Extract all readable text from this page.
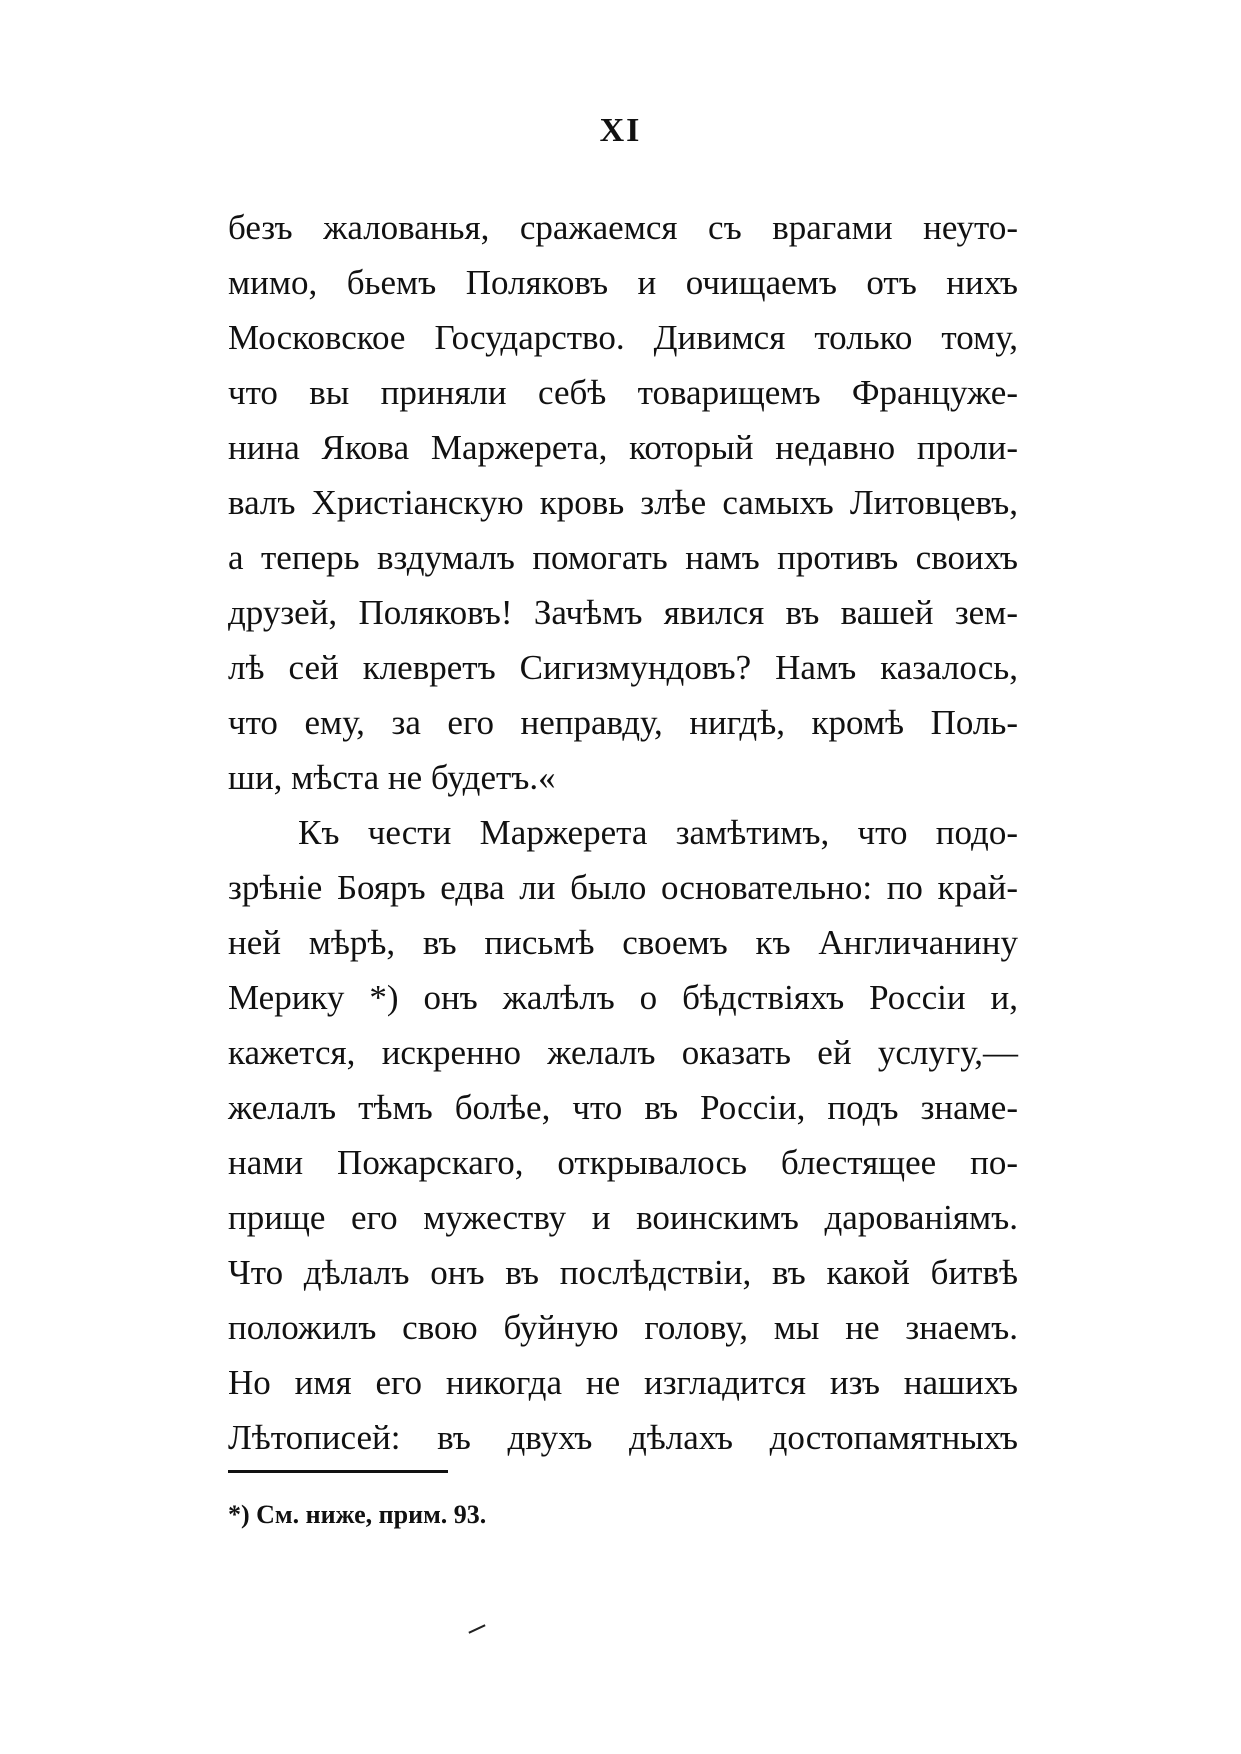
XI
безъ жалованья, сражаемся съ врагами неуто-
мимо, бьемъ Поляковъ и очищаемъ отъ нихъ
Московское Государство. Дивимся только тому,
что вы приняли себѣ товарищемъ Француже-
нина Якова Маржерета, который недавно проли-
валъ Христіанскую кровь злѣе самыхъ Литовцевъ,
а теперь вздумалъ помогать намъ противъ своихъ
друзей, Поляковъ! Зачѣмъ явился въ вашей зем-
лѣ сей клевретъ Сигизмундовъ? Намъ казалось,
что ему, за его неправду, нигдѣ, кромѣ Поль-
ши, мѣста не будетъ.«
Къ чести Маржерета замѣтимъ, что подо-
зрѣніе Бояръ едва ли было основательно: по край-
ней мѣрѣ, въ письмѣ своемъ къ Англичанину
Мерику *) онъ жалѣлъ о бѣдствіяхъ Россіи и,
кажется, искренно желалъ оказать ей услугу,—
желалъ тѣмъ болѣе, что въ Россіи, подъ знаме-
нами Пожарскаго, открывалось блестящее по-
прище его мужеству и воинскимъ дарованіямъ.
Что дѣлалъ онъ въ послѣдствіи, въ какой битвѣ
положилъ свою буйную голову, мы не знаемъ.
Но имя его никогда не изгладится изъ нашихъ
Лѣтописей: въ двухъ дѣлахъ достопамятныхъ
*) См. ниже, прим. 93.
